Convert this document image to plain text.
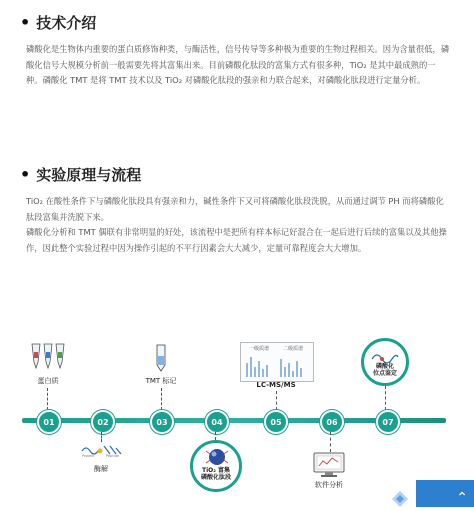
• 技术介绍

磷酸化是生物体内重要的蛋白质修饰种类，与酶活性，信号传导等多种极为重要的生物过程相关。因为含量很低，磷酸化信号大规模分析前一般需要先将其富集出来。目前磷酸化肽段的富集方式有很多种，TiO₂ 是其中最成熟的一种。磷酸化 TMT 是将 TMT 技术以及 TiO₂ 对磷酸化肽段的强亲和力联合起来，对磷酸化肽段进行定量分析。

• 实验原理与流程

TiO₂ 在酸性条件下与磷酸化肽段具有强亲和力，碱性条件下又可将磷酸化肽段洗脱，从而通过调节 PH 而将磷酸化肽段富集并洗脱下来。

磷酸化分析和 TMT 偶联有非常明显的好处，该流程中是把所有样本标记好混合在一起后进行后续的富集以及其他操作，因此整个实验过程中因为操作引起的不平行因素会大大减少，定量可靠程度会大大增加。

蛋白质	TMT 标记
一级质谱	二级质谱
LC-MS/MS
磷酸化
位点鉴定
01	02	03	04	05	06	07
Protein	Peptide
酶解	TiO₂ 富集
磷酸化肽段
软件分析
⌃
